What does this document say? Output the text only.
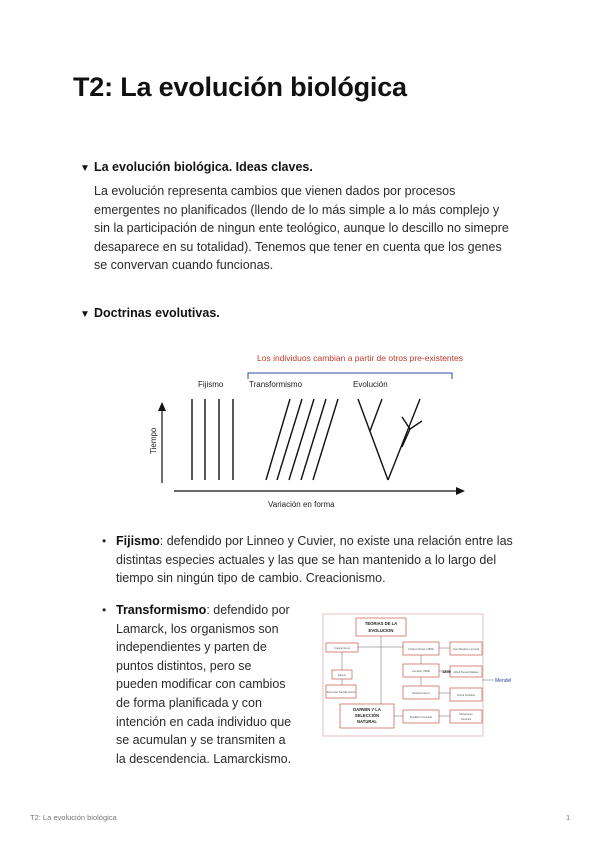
T2: La evolución biológica
▼ La evolución biológica. Ideas claves.
La evolución representa cambios que vienen dados por procesos
emergentes no planificados (llendo de lo más simple a lo más complejo y
sin la participación de ningun ente teológico, aunque lo descillo no simepre
desaparece en su totalidad). Tenemos que tener en cuenta que los genes
se convervan cuando funcionas.
▼ Doctrinas evolutivas.
Los individuos cambian a partir de otros pre-existentes
Fijismo	Transformismo	Evolución
Tiempo
Variación en forma
• Fijismo: defendido por Linneo y Cuvier, no existe una relación entre las
distintas especies actuales y las que se han mantenido a lo largo del
tiempo sin ningún tipo de cambio. Creacionismo.
• Transformismo: defendido por
Lamarck, los organismos son
independientes y parten de
puntos distintos, pero se
pueden modificar con cambios
de forma planificada y con
intención en cada individuo que
se acumulan y se transmiten a
la descendencia. Lamarckismo.
TEORIAS DE LA
EVOLUCION
DARWIN Y LA
SELECCIÓN
NATURAL
1859
Mendel
Creacionismo
Fijismo
Teoría del Transformismo
Charles Darwin (1809)
Lamarck (1809)
Jean Baptiste Lamarck
Alfred Russel Wallace
Neodarwinismo
Teoría Sintética
Equilibrio Puntuado
Mutaciones
Genética
T2: La evolución biológica	1
